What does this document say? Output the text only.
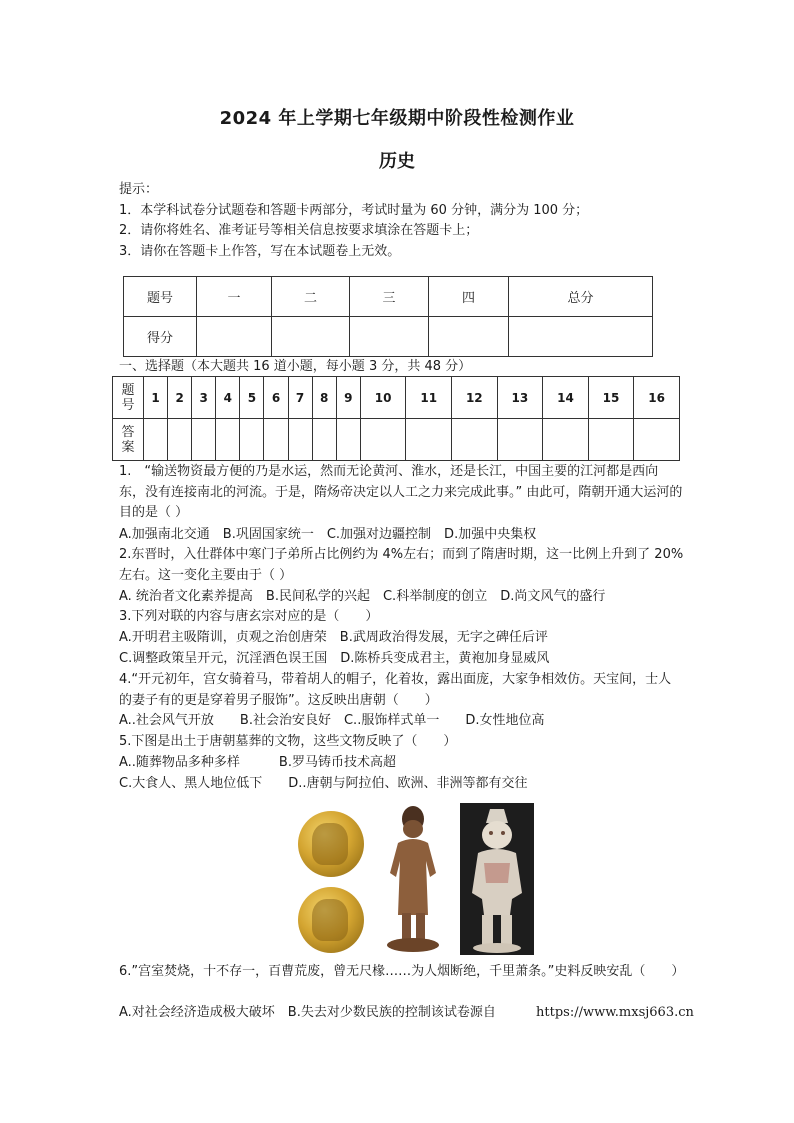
2024 年上学期七年级期中阶段性检测作业
历史
提示：
1．本学科试卷分试题卷和答题卡两部分，考试时量为 60 分钟，满分为 100 分；
2．请你将姓名、准考证号等相关信息按要求填涂在答题卡上；
3．请你在答题卡上作答，写在本试题卷上无效。
题号	一	二	三	四	总分
得分					
一、选择题（本大题共 16 道小题，每小题 3 分，共 48 分）
题
号	1	2	3	4	5	6	7	8	9	10	11	12	13	14	15	16
答
案																
1.　“输送物资最方便的乃是水运，然而无论黄河、淮水，还是长江，中国主要的江河都是西向东，没有连接南北的河流。于是，隋炀帝决定以人工之力来完成此事。” 由此可，隋朝开通大运河的目的是（ ）
A.加强南北交通　B.巩固国家统一　C.加强对边疆控制　D.加强中央集权
2.东晋时，入仕群体中寒门子弟所占比例约为 4%左右；而到了隋唐时期，这一比例上升到了 20%左右。这一变化主要由于（ ）
A. 统治者文化素养提高　B.民间私学的兴起　C.科举制度的创立　D.尚文风气的盛行
3.下列对联的内容与唐玄宗对应的是（　　）
A.开明君主吸隋训，贞观之治创唐荣　B.武周政治得发展，无字之碑任后评
C.调整政策呈开元，沉淫酒色误王国　D.陈桥兵变成君主，黄袍加身显威风
4.“开元初年，宫女骑着马，带着胡人的帽子，化着妆，露出面庞，大家争相效仿。天宝间，士人的妻子有的更是穿着男子服饰”。这反映出唐朝（　　）
A..社会风气开放　　B.社会治安良好　C..服饰样式单一　　D.女性地位高
5.下图是出土于唐朝墓葬的文物，这些文物反映了（　　）
A..随葬物品多种多样　　　B.罗马铸币技术高超
C.大食人、黑人地位低下　　D..唐朝与阿拉伯、欧洲、非洲等都有交往
6.”宫室焚烧，十不存一，百曹荒废，曾无尺椽……为人烟断绝，千里萧条。”史料反映安乱（　　）
A.对社会经济造成极大破坏　B.失去对少数民族的控制该试卷源自	https://www.mxsj663.cn
